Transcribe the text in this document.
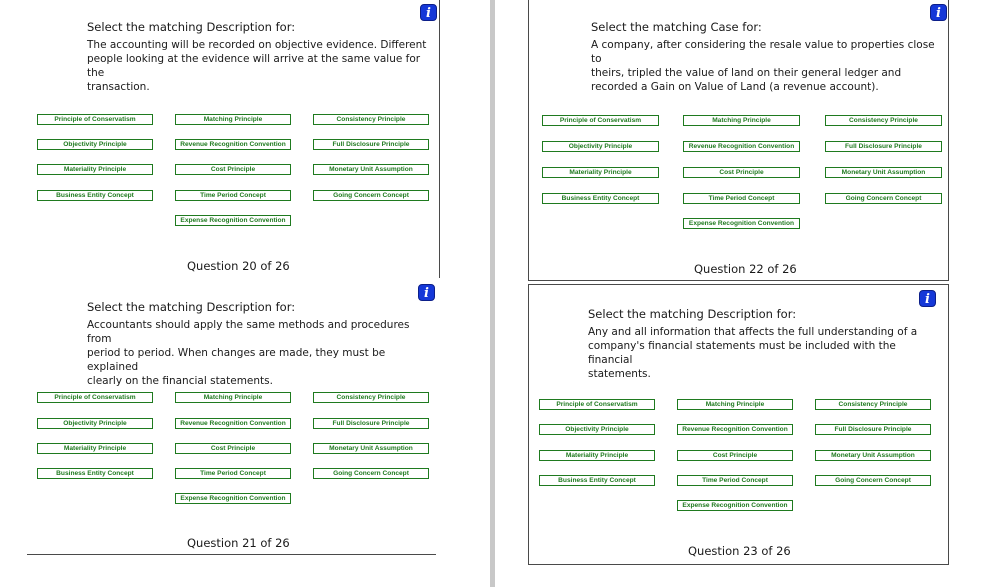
Select the matching Description for:
The accounting will be recorded on objective evidence. Different
people looking at the evidence will arrive at the same value for the
transaction.
i
Principle of Conservatism	Matching Principle	Consistency Principle
Objectivity Principle	Revenue Recognition Convention	Full Disclosure Principle
Materiality Principle	Cost Principle	Monetary Unit Assumption
Business Entity Concept	Time Period Concept	Going Concern Concept
Expense Recognition Convention
Question 20 of 26
Select the matching Case for:
A company, after considering the resale value to properties close to
theirs, tripled the value of land on their general ledger and
recorded a Gain on Value of Land (a revenue account).
i
Principle of Conservatism	Matching Principle	Consistency Principle
Objectivity Principle	Revenue Recognition Convention	Full Disclosure Principle
Materiality Principle	Cost Principle	Monetary Unit Assumption
Business Entity Concept	Time Period Concept	Going Concern Concept
Expense Recognition Convention
Question 22 of 26
Select the matching Description for:
Accountants should apply the same methods and procedures from
period to period. When changes are made, they must be explained
clearly on the financial statements.
i
Principle of Conservatism	Matching Principle	Consistency Principle
Objectivity Principle	Revenue Recognition Convention	Full Disclosure Principle
Materiality Principle	Cost Principle	Monetary Unit Assumption
Business Entity Concept	Time Period Concept	Going Concern Concept
Expense Recognition Convention
Question 21 of 26
Select the matching Description for:
Any and all information that affects the full understanding of a
company's financial statements must be included with the financial
statements.
i
Principle of Conservatism	Matching Principle	Consistency Principle
Objectivity Principle	Revenue Recognition Convention	Full Disclosure Principle
Materiality Principle	Cost Principle	Monetary Unit Assumption
Business Entity Concept	Time Period Concept	Going Concern Concept
Expense Recognition Convention
Question 23 of 26
